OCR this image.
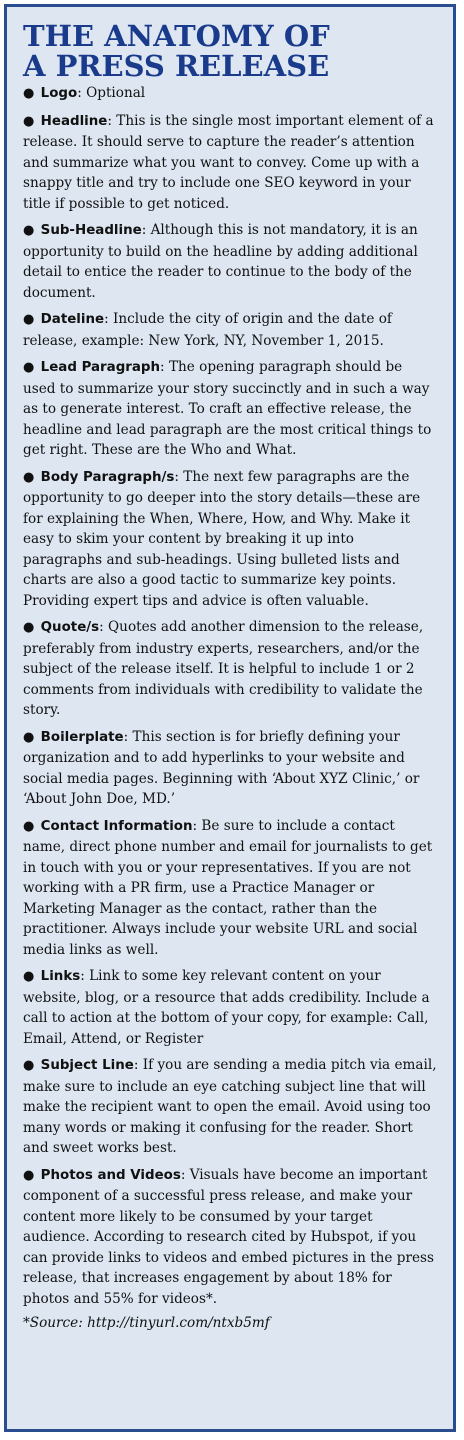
THE ANATOMY OF
A PRESS RELEASE
● Logo: Optional
● Headline: This is the single most important element of a release. It should serve to capture the reader’s attention and summarize what you want to convey. Come up with a snappy title and try to include one SEO keyword in your title if possible to get noticed.
● Sub-Headline: Although this is not mandatory, it is an opportunity to build on the headline by adding additional detail to entice the reader to continue to the body of the document.
● Dateline: Include the city of origin and the date of release, example: New York, NY, November 1, 2015.
● Lead Paragraph: The opening paragraph should be used to summarize your story succinctly and in such a way as to generate interest. To craft an effective release, the headline and lead paragraph are the most critical things to get right. These are the Who and What.
● Body Paragraph/s: The next few paragraphs are the opportunity to go deeper into the story details—these are for explaining the When, Where, How, and Why. Make it easy to skim your content by breaking it up into paragraphs and sub-headings. Using bulleted lists and charts are also a good tactic to summarize key points. Providing expert tips and advice is often valuable.
● Quote/s: Quotes add another dimension to the release, preferably from industry experts, researchers, and/or the subject of the release itself. It is helpful to include 1 or 2 comments from individuals with credibility to validate the story.
● Boilerplate: This section is for briefly defining your organization and to add hyperlinks to your website and social media pages. Beginning with ‘About XYZ Clinic,’ or ‘About John Doe, MD.’
● Contact Information: Be sure to include a contact name, direct phone number and email for journalists to get in touch with you or your representatives. If you are not working with a PR firm, use a Practice Manager or Marketing Manager as the contact, rather than the practitioner. Always include your website URL and social media links as well.
● Links: Link to some key relevant content on your website, blog, or a resource that adds credibility. Include a call to action at the bottom of your copy, for example: Call, Email, Attend, or Register
● Subject Line: If you are sending a media pitch via email, make sure to include an eye catching subject line that will make the recipient want to open the email. Avoid using too many words or making it confusing for the reader. Short and sweet works best.
● Photos and Videos: Visuals have become an important component of a successful press release, and make your content more likely to be consumed by your target audience. According to research cited by Hubspot, if you can provide links to videos and embed pictures in the press release, that increases engagement by about 18% for photos and 55% for videos*.
*Source: http://tinyurl.com/ntxb5mf
